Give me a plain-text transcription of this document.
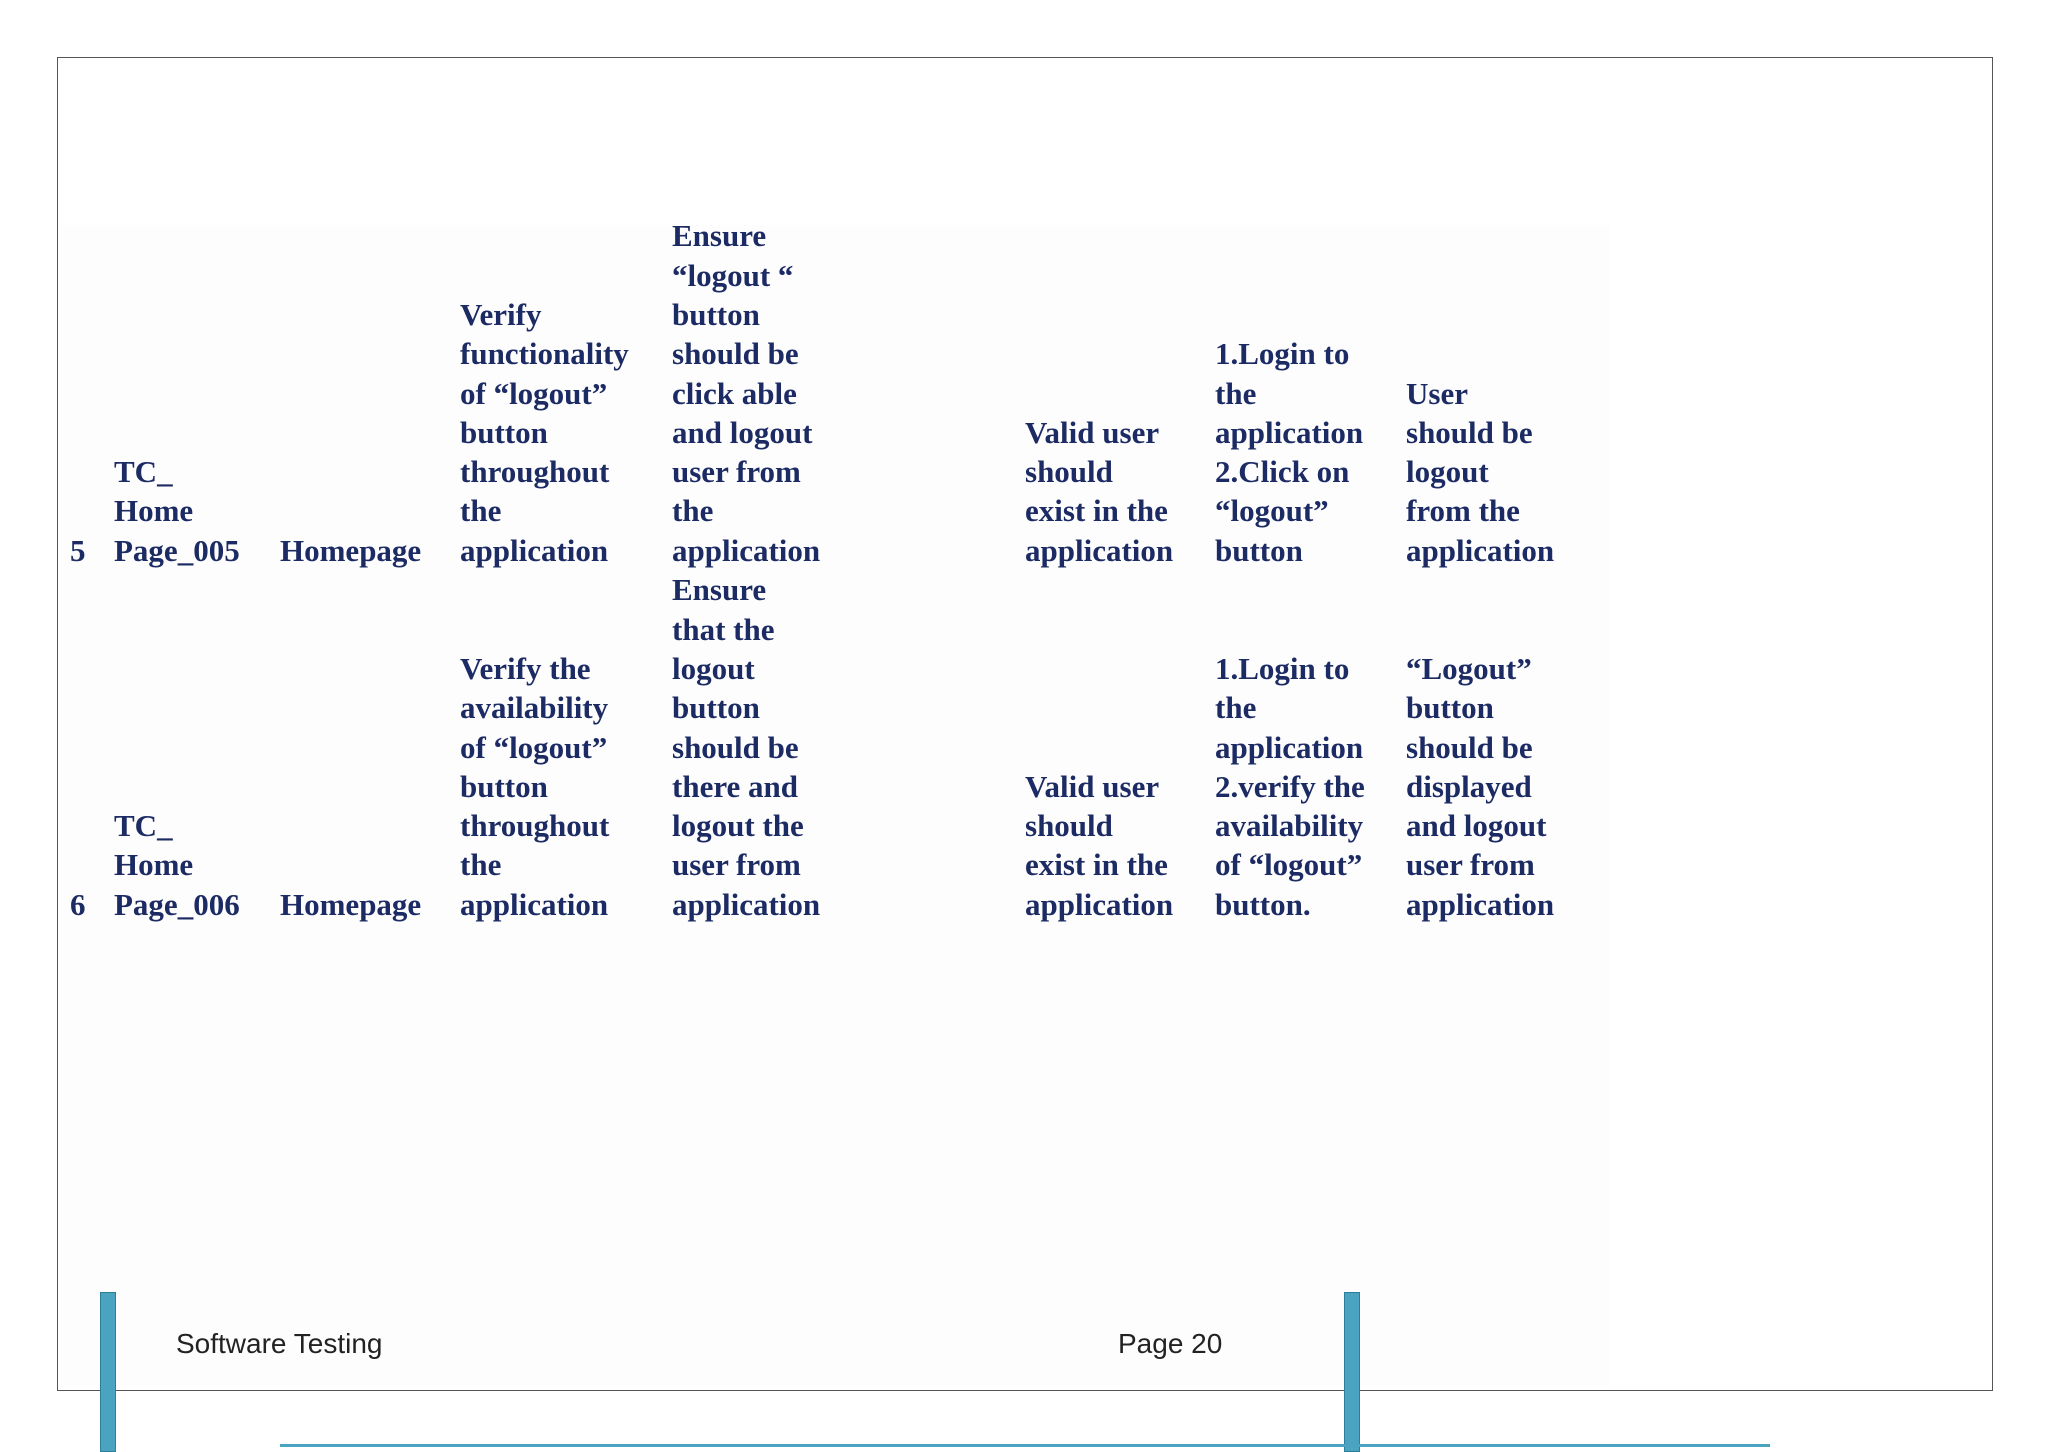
5
TC_
Home
Page_005 Homepage
Verify
functionality
of “logout”
button
throughout
the
application
Ensure
“logout “
button
should be
click able
and logout
user from
the
application
Valid user
should
exist in the
application
1.Login to
the
application
2.Click on
“logout”
button
User
should be
logout
from the
application
6
TC_
Home
Page_006 Homepage
Verify the
availability
of “logout”
button
throughout
the
application
Ensure
that the
logout
button
should be
there and
logout the
user from
application
Valid user
should
exist in the
application
1.Login to
the
application
2.verify the
availability
of “logout”
button.
“Logout”
button
should be
displayed
and logout
user from
application
Software Testing	Page 20
